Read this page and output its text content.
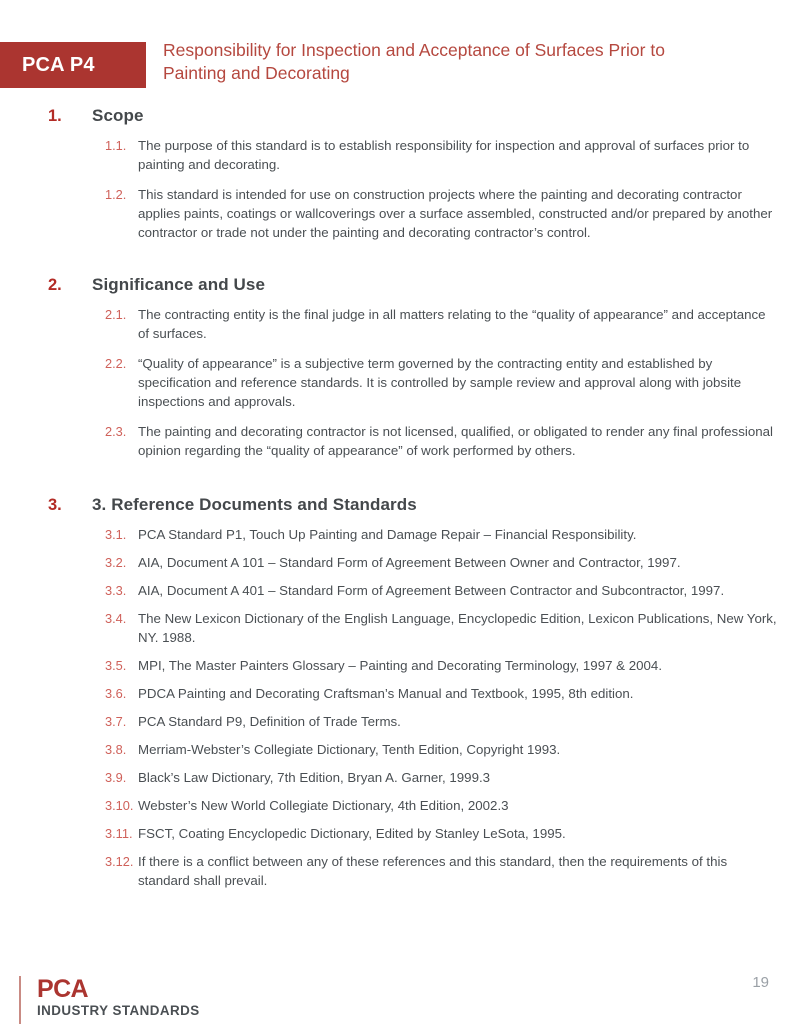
PCA P4
Responsibility for Inspection and Acceptance of Surfaces Prior to Painting and Decorating
1.	Scope
1.1. The purpose of this standard is to establish responsibility for inspection and approval of surfaces prior to painting and decorating.
1.2. This standard is intended for use on construction projects where the painting and decorating contractor applies paints, coatings or wallcoverings over a surface assembled, constructed and/or prepared by another contractor or trade not under the painting and decorating contractor’s control.
2.	Significance and Use
2.1. The contracting entity is the final judge in all matters relating to the “quality of appearance” and acceptance of surfaces.
2.2. “Quality of appearance” is a subjective term governed by the contracting entity and established by specification and reference standards. It is controlled by sample review and approval along with jobsite inspections and approvals.
2.3. The painting and decorating contractor is not licensed, qualified, or obligated to render any final professional opinion regarding the “quality of appearance” of work performed by others.
3.	3. Reference Documents and Standards
3.1. PCA Standard P1, Touch Up Painting and Damage Repair – Financial Responsibility.
3.2. AIA, Document A 101 – Standard Form of Agreement Between Owner and Contractor, 1997.
3.3. AIA, Document A 401 – Standard Form of Agreement Between Contractor and Subcontractor, 1997.
3.4. The New Lexicon Dictionary of the English Language, Encyclopedic Edition, Lexicon Publications, New York, NY. 1988.
3.5. MPI, The Master Painters Glossary – Painting and Decorating Terminology, 1997 & 2004.
3.6. PDCA Painting and Decorating Craftsman’s Manual and Textbook, 1995, 8th edition.
3.7. PCA Standard P9, Definition of Trade Terms.
3.8. Merriam-Webster’s Collegiate Dictionary, Tenth Edition, Copyright 1993.
3.9. Black’s Law Dictionary, 7th Edition, Bryan A. Garner, 1999.3
3.10. Webster’s New World Collegiate Dictionary, 4th Edition, 2002.3
3.11. FSCT, Coating Encyclopedic Dictionary, Edited by Stanley LeSota, 1995.
3.12. If there is a conflict between any of these references and this standard, then the requirements of this standard shall prevail.
PCA
INDUSTRY STANDARDS
19
